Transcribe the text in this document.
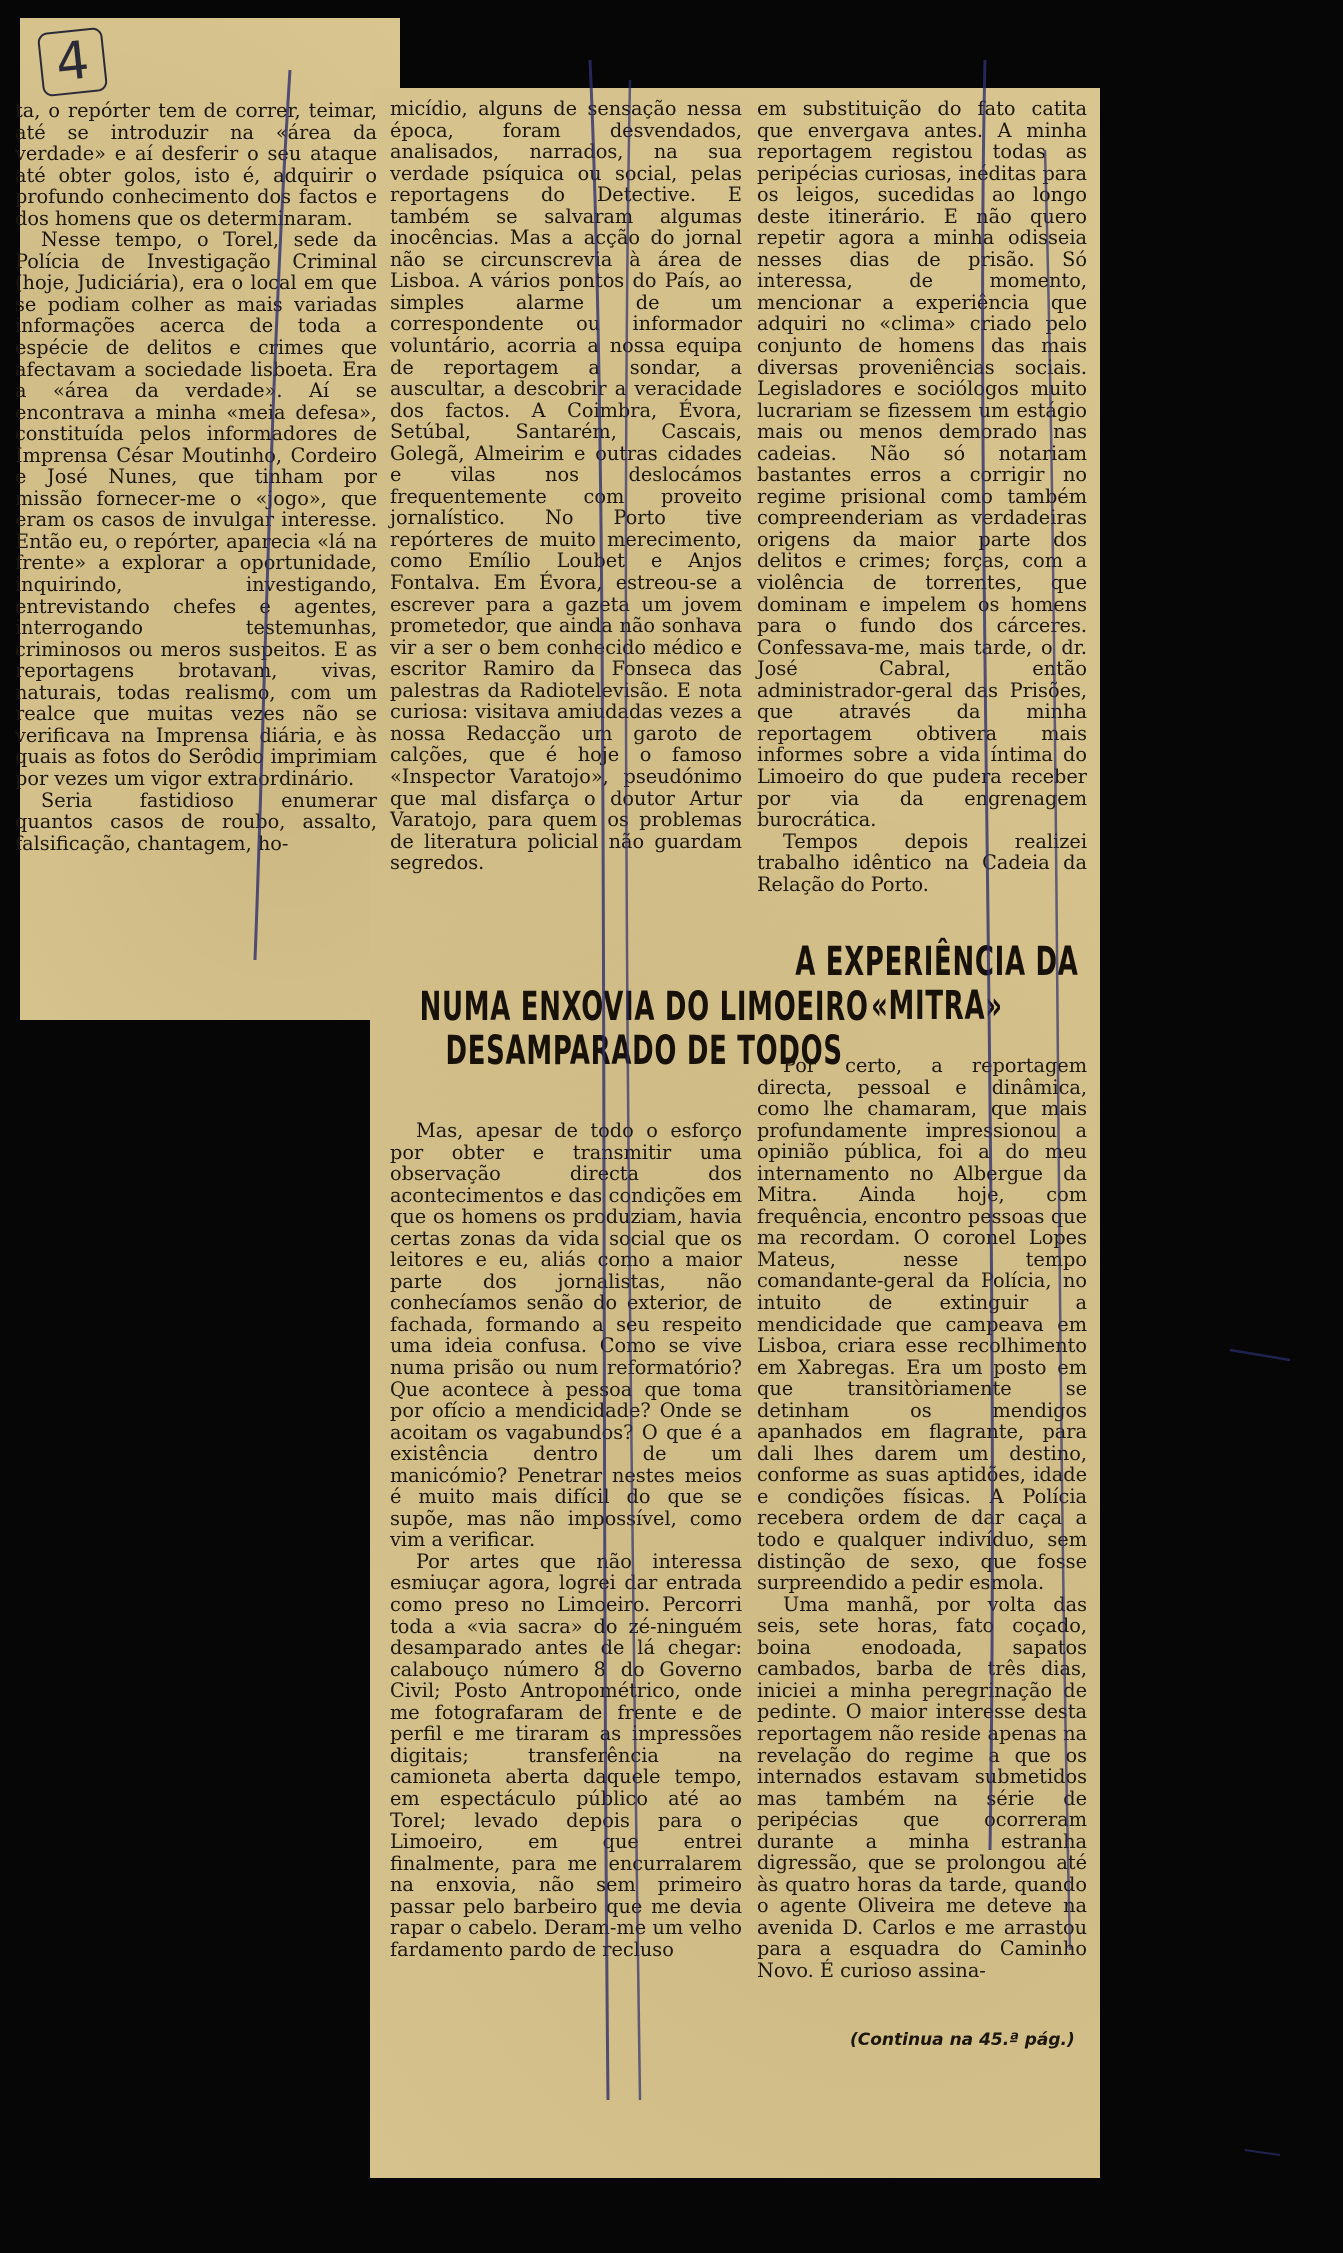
4

ta, o repórter tem de correr, teimar, até se introduzir na «área da verdade» e aí desferir o seu ataque até obter golos, isto é, adquirir o profundo conhecimento dos factos e dos homens que os determinaram.

Nesse tempo, o Torel, sede da Polícia de Investigação Criminal (hoje, Judiciária), era o local em que se podiam colher as mais variadas informações acerca de toda a espécie de delitos e crimes que afectavam a sociedade lisboeta. Era a «área da verdade». Aí se encontrava a minha «meia defesa», constituída pelos informadores de Imprensa César Moutinho, Cordeiro e José Nunes, que tinham por missão fornecer-me o «jogo», que eram os casos de invulgar interesse. Então eu, o repórter, aparecia «lá na frente» a explorar a oportunidade, inquirindo, investigando, entrevistando chefes e agentes, interrogando testemunhas, criminosos ou meros suspeitos. E as reportagens brotavam, vivas, naturais, todas realismo, com um realce que muitas vezes não se verificava na Imprensa diária, e às quais as fotos do Serôdio imprimiam por vezes um vigor extraordinário.

Seria fastidioso enumerar quantos casos de roubo, assalto, falsificação, chantagem, ho-

micídio, alguns de sensação nessa época, foram desvendados, analisados, narrados, na sua verdade psíquica ou social, pelas reportagens do Detective. E também se salvaram algumas inocências. Mas a acção do jornal não se circunscrevia à área de Lisboa. A vários pontos do País, ao simples alarme de um correspondente ou informador voluntário, acorria a nossa equipa de reportagem a sondar, a auscultar, a descobrir a veracidade dos factos. A Coimbra, Évora, Setúbal, Santarém, Cascais, Golegã, Almeirim e outras cidades e vilas nos deslocámos frequentemente com proveito jornalístico. No Porto tive repórteres de muito merecimento, como Emílio Loubet e Anjos Fontalva. Em Évora, estreou-se a escrever para a gazeta um jovem prometedor, que ainda não sonhava vir a ser o bem conhecido médico e escritor Ramiro da Fonseca das palestras da Radiotelevisão. E nota curiosa: visitava amiudadas vezes a nossa Redacção um garoto de calções, que é hoje o famoso «Inspector Varatojo», pseudónimo que mal disfarça o doutor Artur Varatojo, para quem os problemas de literatura policial não guardam segredos.

em substituição do fato catita que envergava antes. A minha reportagem registou todas as peripécias curiosas, inéditas para os leigos, sucedidas ao longo deste itinerário. E não quero repetir agora a minha odisseia nesses dias de prisão. Só interessa, de momento, mencionar a experiência que adquiri no «clima» criado pelo conjunto de homens das mais diversas proveniências sociais. Legisladores e sociólogos muito lucrariam se fizessem um estágio mais ou menos demorado nas cadeias. Não só notariam bastantes erros a corrigir no regime prisional como também compreenderiam as verdadeiras origens da maior parte dos delitos e crimes; forças, com a violência de torrentes, que dominam e impelem os homens para o fundo dos cárceres. Confessava-me, mais tarde, o dr. José Cabral, então administrador-geral das Prisões, que através da minha reportagem obtivera mais informes sobre a vida íntima do Limoeiro do que pudera receber por via da engrenagem burocrática.

Tempos depois realizei trabalho idêntico na Cadeia da Relação do Porto.

NUMA ENXOVIA DO LIMOEIRO DESAMPARADO DE TODOS

Mas, apesar de todo o esforço por obter e transmitir uma observação directa dos acontecimentos e das condições em que os homens os produziam, havia certas zonas da vida social que os leitores e eu, aliás como a maior parte dos jornalistas, não conhecíamos senão do exterior, de fachada, formando a seu respeito uma ideia confusa. Como se vive numa prisão ou num reformatório? Que acontece à pessoa que toma por ofício a mendicidade? Onde se acoitam os vagabundos? O que é a existência dentro de um manicómio? Penetrar nestes meios é muito mais difícil do que se supõe, mas não impossível, como vim a verificar.

Por artes que não interessa esmiuçar agora, logrei dar entrada como preso no Limoeiro. Percorri toda a «via sacra» do zé-ninguém desamparado antes de lá chegar: calabouço número 8 do Governo Civil; Posto Antropométrico, onde me fotografaram de frente e de perfil e me tiraram as impressões digitais; transferência na camioneta aberta daquele tempo, em espectáculo público até ao Torel; levado depois para o Limoeiro, em que entrei finalmente, para me encurralarem na enxovia, não sem primeiro passar pelo barbeiro que me devia rapar o cabelo. Deram-me um velho fardamento pardo de recluso

A EXPERIÊNCIA DA «MITRA»

Por certo, a reportagem directa, pessoal e dinâmica, como lhe chamaram, que mais profundamente impressionou a opinião pública, foi a do meu internamento no Albergue da Mitra. Ainda hoje, com frequência, encontro pessoas que ma recordam. O coronel Lopes Mateus, nesse tempo comandante-geral da Polícia, no intuito de extinguir a mendicidade que campeava em Lisboa, criara esse recolhimento em Xabregas. Era um posto em que transitòriamente se detinham os mendigos apanhados em flagrante, para dali lhes darem um destino, conforme as suas aptidões, idade e condições físicas. A Polícia recebera ordem de dar caça a todo e qualquer indivíduo, sem distinção de sexo, que fosse surpreendido a pedir esmola.

Uma manhã, por volta das seis, sete horas, fato coçado, boina enodoada, sapatos cambados, barba de três dias, iniciei a minha peregrinação de pedinte. O maior interesse desta reportagem não reside apenas na revelação do regime a que os internados estavam submetidos mas também na série de peripécias que ocorreram durante a minha estranha digressão, que se prolongou até às quatro horas da tarde, quando o agente Oliveira me deteve na avenida D. Carlos e me arrastou para a esquadra do Caminho Novo. É curioso assina-

(Continua na 45.ª pág.)
